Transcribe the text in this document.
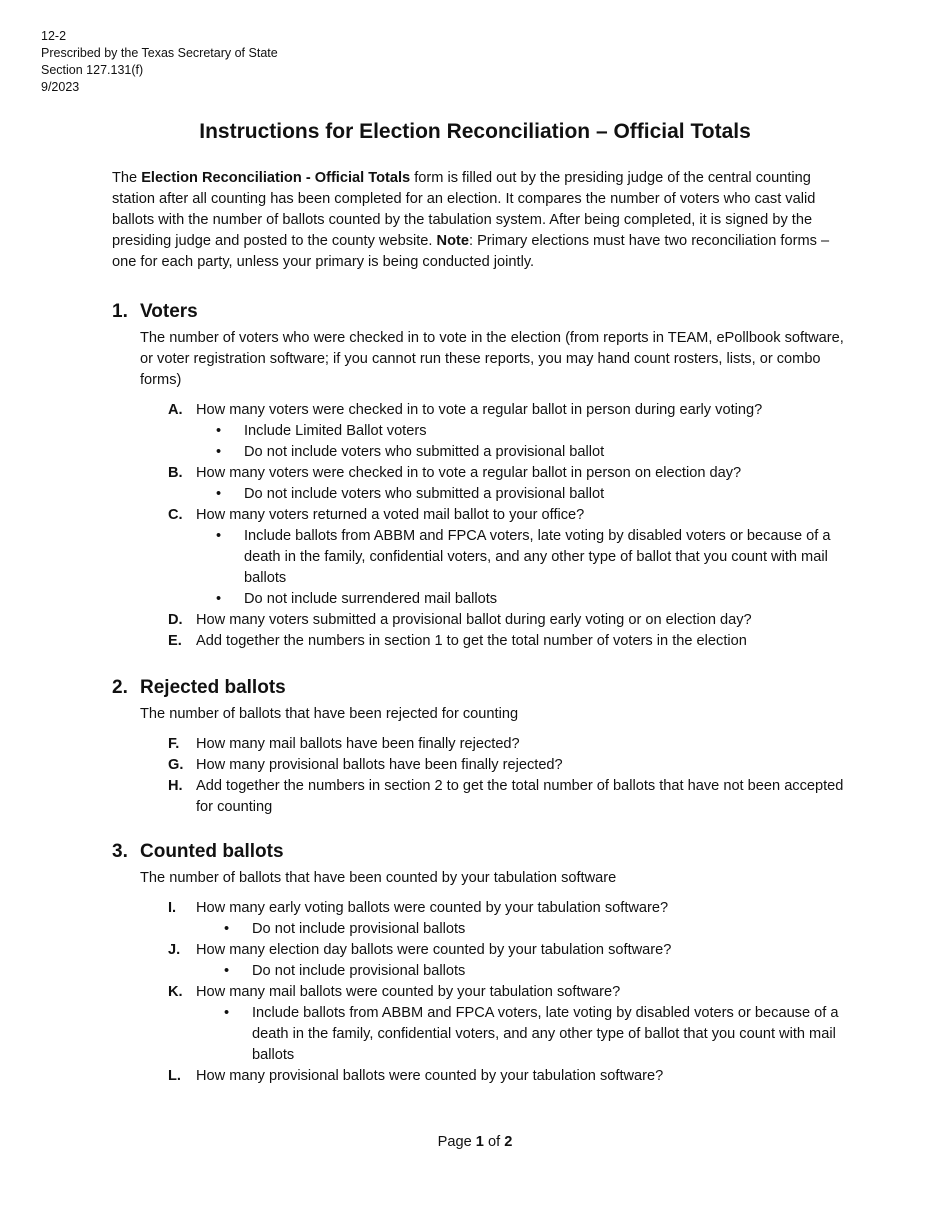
12-2
Prescribed by the Texas Secretary of State
Section 127.131(f)
9/2023
Instructions for Election Reconciliation – Official Totals
The Election Reconciliation - Official Totals form is filled out by the presiding judge of the central counting station after all counting has been completed for an election. It compares the number of voters who cast valid ballots with the number of ballots counted by the tabulation system. After being completed, it is signed by the presiding judge and posted to the county website. Note: Primary elections must have two reconciliation forms – one for each party, unless your primary is being conducted jointly.
1. Voters
The number of voters who were checked in to vote in the election (from reports in TEAM, ePollbook software, or voter registration software; if you cannot run these reports, you may hand count rosters, lists, or combo forms)
A. How many voters were checked in to vote a regular ballot in person during early voting?
•	Include Limited Ballot voters
•	Do not include voters who submitted a provisional ballot
B. How many voters were checked in to vote a regular ballot in person on election day?
•	Do not include voters who submitted a provisional ballot
C. How many voters returned a voted mail ballot to your office?
•	Include ballots from ABBM and FPCA voters, late voting by disabled voters or because of a death in the family, confidential voters, and any other type of ballot that you count with mail ballots
•	Do not include surrendered mail ballots
D. How many voters submitted a provisional ballot during early voting or on election day?
E. Add together the numbers in section 1 to get the total number of voters in the election
2. Rejected ballots
The number of ballots that have been rejected for counting
F.	How many mail ballots have been finally rejected?
G. How many provisional ballots have been finally rejected?
H. Add together the numbers in section 2 to get the total number of ballots that have not been accepted for counting
3. Counted ballots
The number of ballots that have been counted by your tabulation software
I.	How many early voting ballots were counted by your tabulation software?
•	Do not include provisional ballots
J.	How many election day ballots were counted by your tabulation software?
•	Do not include provisional ballots
K. How many mail ballots were counted by your tabulation software?
•	Include ballots from ABBM and FPCA voters, late voting by disabled voters or because of a death in the family, confidential voters, and any other type of ballot that you count with mail ballots
L.	How many provisional ballots were counted by your tabulation software?
Page 1 of 2
